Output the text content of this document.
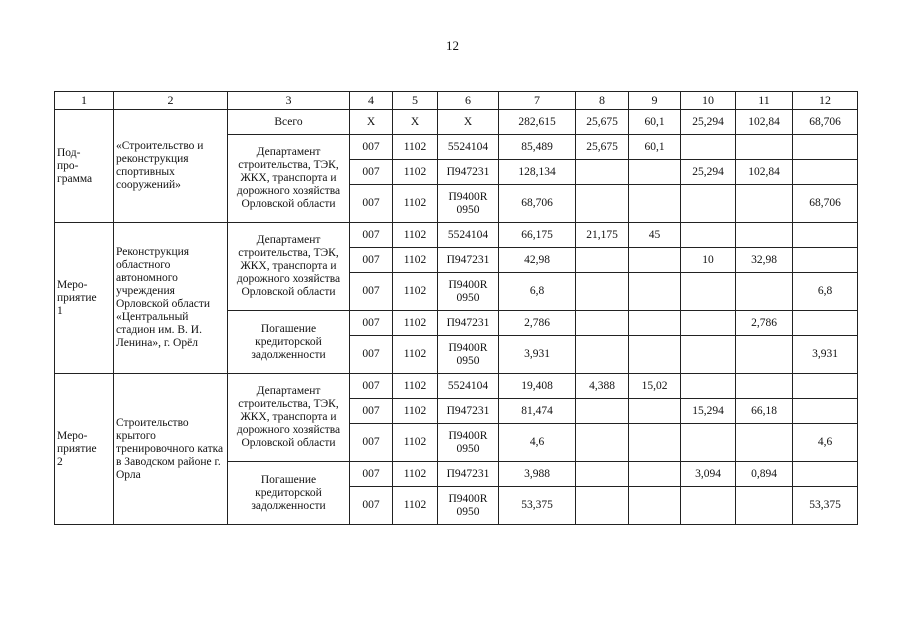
12
1	2	3	4	5	6	7	8	9	10	11	12
Под-
про-
грамма	«Строительство и реконструкция спортивных сооружений»	Всего	Х	Х	Х	282,615	25,675	60,1	25,294	102,84	68,706
		Департамент строительства, ТЭК, ЖКХ, транспорта и дорожного хозяйства Орловской области	007	1102	5524104	85,489	25,675	60,1			
			007	1102	П947231	128,134			25,294	102,84	
			007	1102	П9400R 0950	68,706					68,706
Меро-
приятие
1	Реконструкция областного автономного учреждения Орловской области «Центральный стадион им. В. И. Ленина», г. Орёл	Департамент строительства, ТЭК, ЖКХ, транспорта и дорожного хозяйства Орловской области	007	1102	5524104	66,175	21,175	45			
			007	1102	П947231	42,98			10	32,98	
			007	1102	П9400R 0950	6,8					6,8
		Погашение кредиторской задолженности	007	1102	П947231	2,786				2,786	
			007	1102	П9400R 0950	3,931					3,931
Меро-
приятие
2	Строительство крытого тренировочного катка в Заводском районе г. Орла	Департамент строительства, ТЭК, ЖКХ, транспорта и дорожного хозяйства Орловской области	007	1102	5524104	19,408	4,388	15,02			
			007	1102	П947231	81,474			15,294	66,18	
			007	1102	П9400R 0950	4,6					4,6
		Погашение кредиторской задолженности	007	1102	П947231	3,988			3,094	0,894	
			007	1102	П9400R 0950	53,375					53,375
